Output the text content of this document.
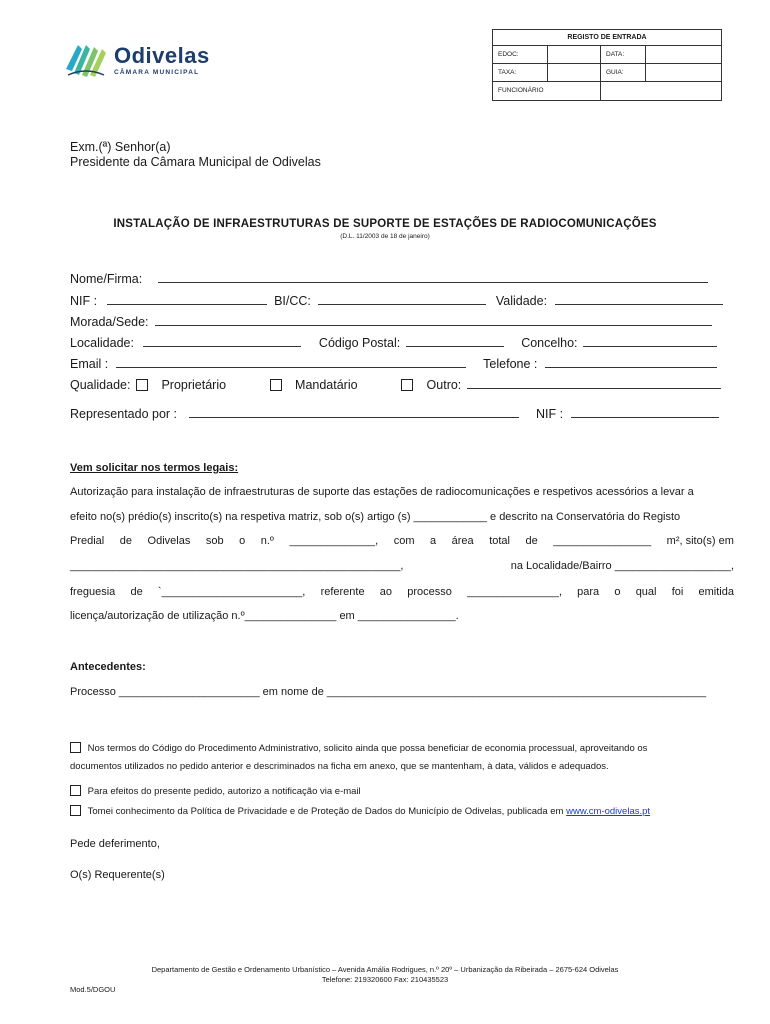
Odivelas
CÂMARA MUNICIPAL
REGISTO DE ENTRADA
EDOC:	DATA:
TAXA:	GUIA:
FUNCIONÁRIO
Exm.(ª) Senhor(a)
Presidente da Câmara Municipal de Odivelas
INSTALAÇÃO DE INFRAESTRUTURAS DE SUPORTE DE ESTAÇÕES DE RADIOCOMUNICAÇÕES
(D.L. 11/2003 de 18 de janeiro)
Nome/Firma:
NIF :	BI/CC:	Validade:
Morada/Sede:
Localidade:	Código Postal:	Concelho:
Email :	Telefone :
Qualidade: Proprietário	Mandatário	Outro:
Representado por :	NIF :
Vem solicitar nos termos legais:
Autorização para instalação de infraestruturas de suporte das estações de radiocomunicações e respetivos acessórios a levar a
efeito no(s) prédio(s) inscrito(s) na respetiva matriz, sob o(s) artigo (s) ____________ e descrito na Conservatória do Registo
Predial de Odivelas sob o n.º ______________, com a área total de ________________ m², sito(s) em
______________________________________________________,	na Localidade/Bairro ___________________,
freguesia de `_______________________, referente ao processo _______________, para o qual foi emitida
licença/autorização de utilização n.º_______________ em ________________.
Antecedentes:
Processo _______________________ em nome de ______________________________________________________________
Nos termos do Código do Procedimento Administrativo, solicito ainda que possa beneficiar de economia processual, aproveitando os
documentos utilizados no pedido anterior e descriminados na ficha em anexo, que se mantenham, à data, válidos e adequados.
Para efeitos do presente pedido, autorizo a notificação via e-mail
Tomei conhecimento da Política de Privacidade e de Proteção de Dados do Município de Odivelas, publicada em www.cm-odivelas.pt
Pede deferimento,
O(s) Requerente(s)
Departamento de Gestão e Ordenamento Urbanístico – Avenida Amália Rodrigues, n.º 20º – Urbanização da Ribeirada – 2675-624 Odivelas
Telefone: 219320600 Fax: 210435523
Mod.5/DGOU
